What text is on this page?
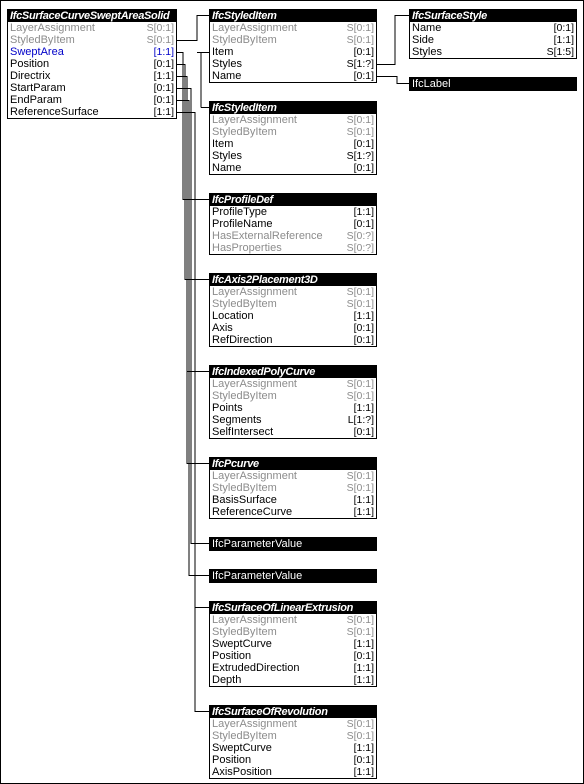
IfcSurfaceCurveSweptAreaSolid
LayerAssignment	S[0:1]
StyledByItem	S[0:1]
SweptArea	[1:1]
Position	[0:1]
Directrix	[1:1]
StartParam	[0:1]
EndParam	[0:1]
ReferenceSurface	[1:1]
IfcStyledItem
LayerAssignment	S[0:1]
StyledByItem	S[0:1]
Item	[0:1]
Styles	S[1:?]
Name	[0:1]
IfcSurfaceStyle
Name	[0:1]
Side	[1:1]
Styles	S[1:5]
IfcLabel
IfcStyledItem
LayerAssignment	S[0:1]
StyledByItem	S[0:1]
Item	[0:1]
Styles	S[1:?]
Name	[0:1]
IfcProfileDef
ProfileType	[1:1]
ProfileName	[0:1]
HasExternalReference S[0:?]
HasProperties	S[0:?]
IfcAxis2Placement3D
LayerAssignment	S[0:1]
StyledByItem	S[0:1]
Location	[1:1]
Axis	[0:1]
RefDirection	[0:1]
IfcIndexedPolyCurve
LayerAssignment	S[0:1]
StyledByItem	S[0:1]
Points	[1:1]
Segments	L[1:?]
SelfIntersect	[0:1]
IfcPcurve
LayerAssignment	S[0:1]
StyledByItem	S[0:1]
BasisSurface	[1:1]
ReferenceCurve	[1:1]
IfcParameterValue
IfcParameterValue
IfcSurfaceOfLinearExtrusion
LayerAssignment	S[0:1]
StyledByItem	S[0:1]
SweptCurve	[1:1]
Position	[0:1]
ExtrudedDirection	[1:1]
Depth	[1:1]
IfcSurfaceOfRevolution
LayerAssignment	S[0:1]
StyledByItem	S[0:1]
SweptCurve	[1:1]
Position	[0:1]
AxisPosition	[1:1]
